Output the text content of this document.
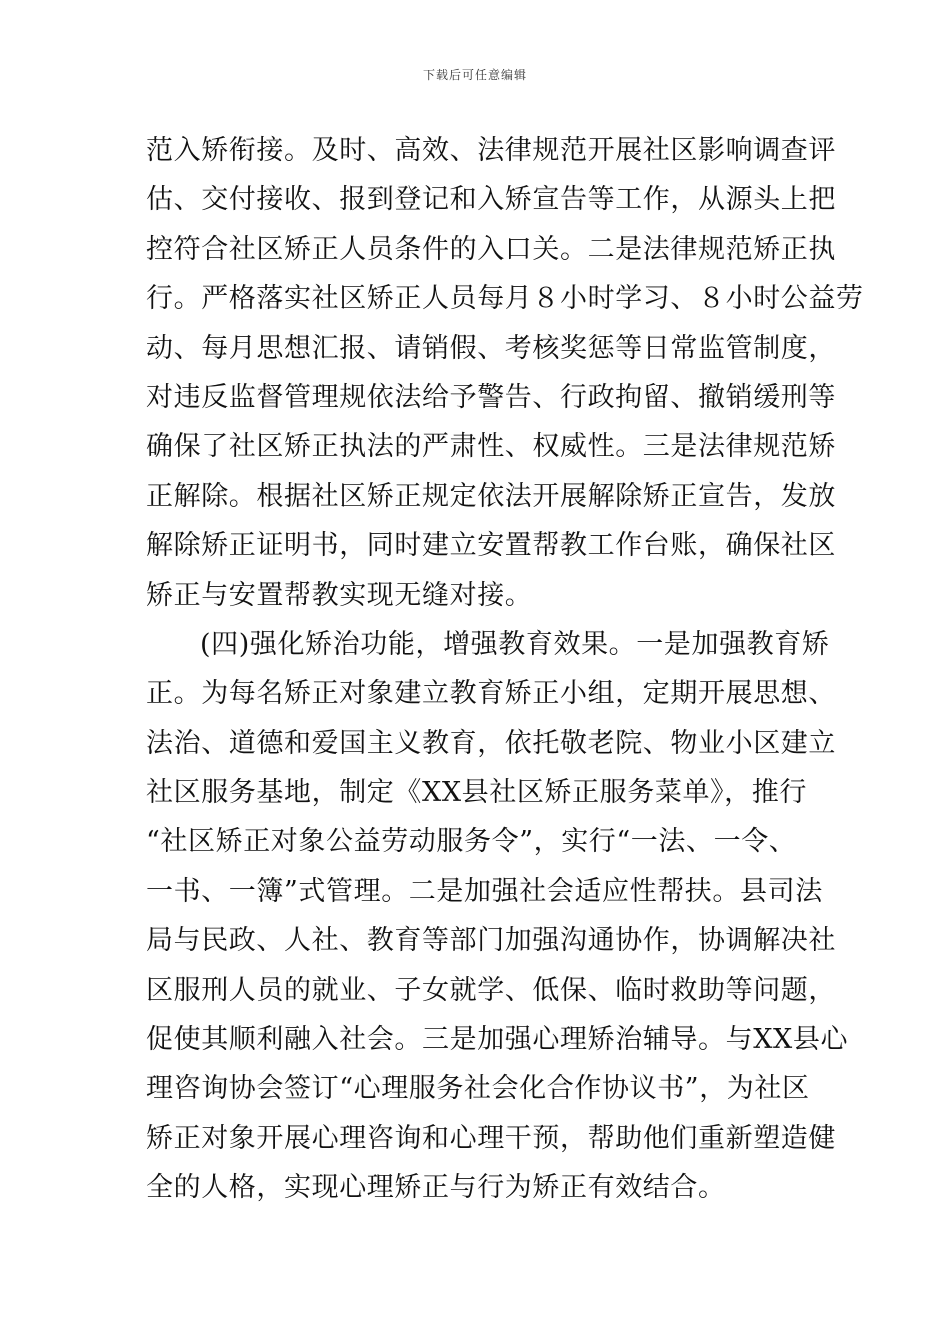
下载后可任意编辑
范入矫衔接。及时、高效、法律规范开展社区影响调查评
估、交付接收、报到登记和入矫宣告等工作，从源头上把
控符合社区矫正人员条件的入口关。二是法律规范矫正执
行。严格落实社区矫正人员每月８小时学习、８小时公益劳
动、每月思想汇报、请销假、考核奖惩等日常监管制度，
对违反监督管理规依法给予警告、行政拘留、撤销缓刑等
确保了社区矫正执法的严肃性、权威性。三是法律规范矫
正解除。根据社区矫正规定依法开展解除矫正宣告，发放
解除矫正证明书，同时建立安置帮教工作台账，确保社区
矫正与安置帮教实现无缝对接。
(四)强化矫治功能，增强教育效果。一是加强教育矫
正。为每名矫正对象建立教育矫正小组，定期开展思想、
法治、道德和爱国主义教育，依托敬老院、物业小区建立
社区服务基地，制定《XX县社区矫正服务菜单》，推行
“社区矫正对象公益劳动服务令”，实行“一法、一令、
一书、一簿”式管理。二是加强社会适应性帮扶。县司法
局与民政、人社、教育等部门加强沟通协作，协调解决社
区服刑人员的就业、子女就学、低保、临时救助等问题，
促使其顺利融入社会。三是加强心理矫治辅导。与XX县心
理咨询协会签订“心理服务社会化合作协议书”，为社区
矫正对象开展心理咨询和心理干预，帮助他们重新塑造健
全的人格，实现心理矫正与行为矫正有效结合。
